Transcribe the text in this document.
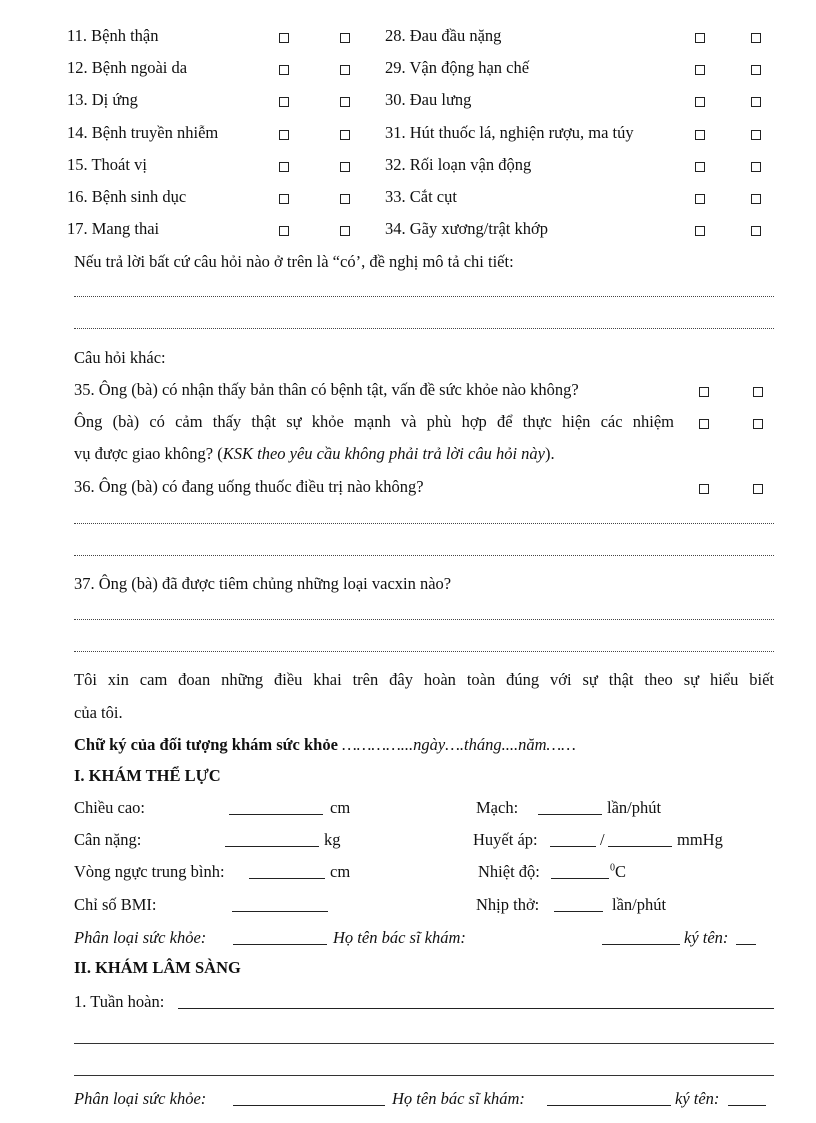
11. Bệnh thận	28. Đau đầu nặng
12. Bệnh ngoài da	29. Vận động hạn chế
13. Dị ứng	30. Đau lưng
14. Bệnh truyền nhiễm	31. Hút thuốc lá, nghiện rượu, ma túy
15. Thoát vị	32. Rối loạn vận động
16. Bệnh sinh dục	33. Cắt cụt
17. Mang thai	34. Gãy xương/trật khớp
Nếu trả lời bất cứ câu hỏi nào ở trên là “có’, đề nghị mô tả chi tiết:
Câu hỏi khác:
35. Ông (bà) có nhận thấy bản thân có bệnh tật, vấn đề sức khỏe nào không?
Ông (bà) có cảm thấy thật sự khỏe mạnh và phù hợp để thực hiện các nhiệm
vụ được giao không? (KSK theo yêu cầu không phải trả lời câu hỏi này).
36. Ông (bà) có đang uống thuốc điều trị nào không?
37. Ông (bà) đã được tiêm chủng những loại vacxin nào?
Tôi xin cam đoan những điều khai trên đây hoàn toàn đúng với sự thật theo sự hiểu biết
của tôi.
Chữ ký của đối tượng khám sức khỏe …………...ngày….tháng....năm……
I. KHÁM THỂ LỰC
Chiều cao:	cm	Mạch:	lần/phút
Cân nặng:	kg	Huyết áp:	/	mmHg
Vòng ngực trung bình:	cm	Nhiệt độ:	$^0$C
Chỉ số BMI:	Nhịp thở:	lần/phút
Phân loại sức khỏe:	Họ tên bác sĩ khám:	ký tên:
II. KHÁM LÂM SÀNG
1. Tuần hoàn:
Phân loại sức khỏe:	Họ tên bác sĩ khám:	ký tên:
